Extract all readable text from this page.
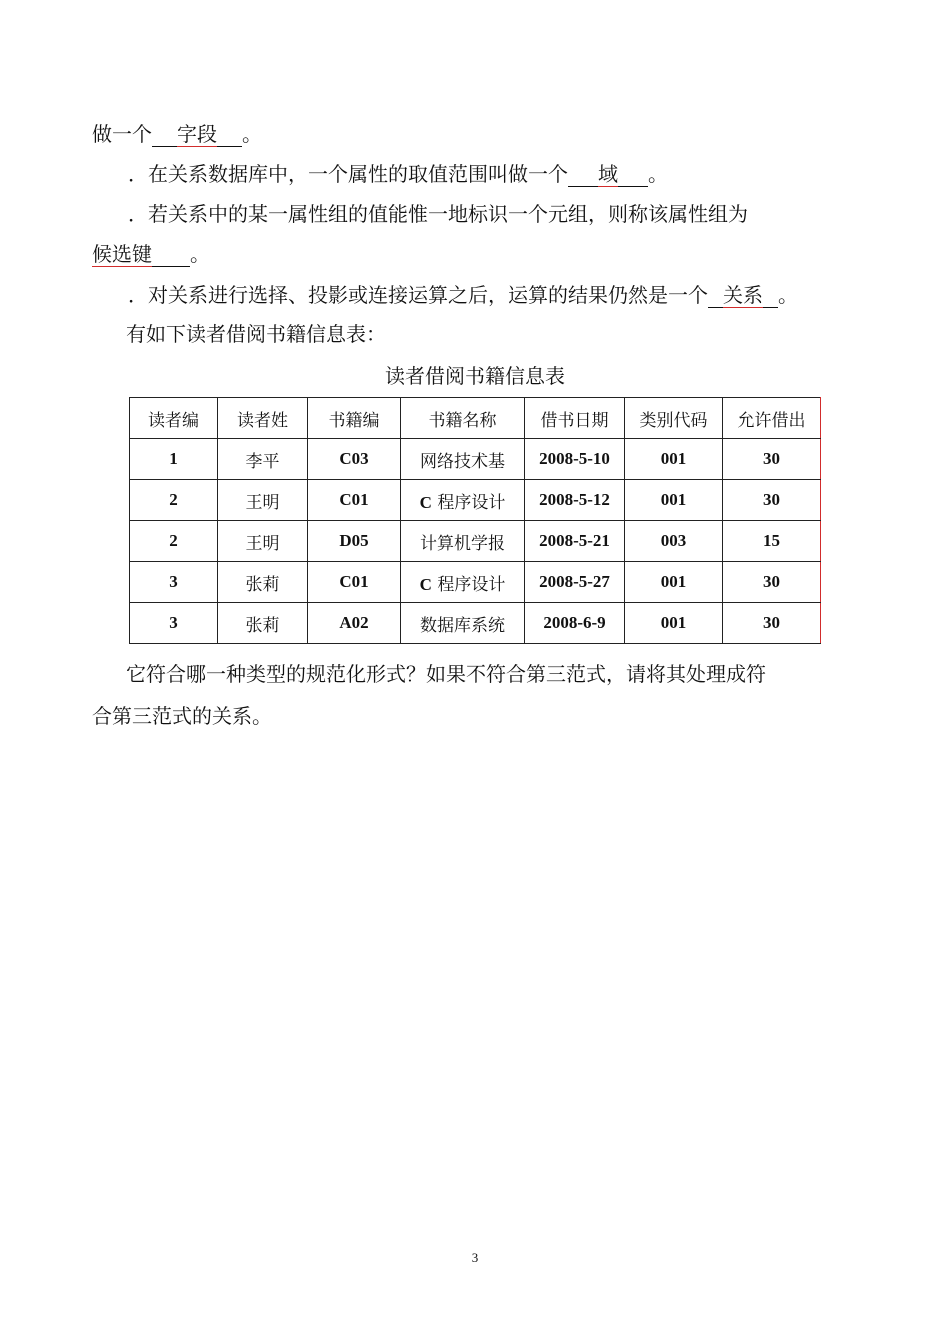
做一个 字段 。
．在关系数据库中，一个属性的取值范围叫做一个 域 。
．若关系中的某一属性组的值能惟一地标识一个元组，则称该属性组为
候选键 。
．对关系进行选择、投影或连接运算之后，运算的结果仍然是一个 关系 。
有如下读者借阅书籍信息表：
读者借阅书籍信息表
读者编	读者姓	书籍编	书籍名称	借书日期	类别代码	允许借出
1	李平	C03	网络技术基	2008-5-10	001	30
2	王明	C01	C 程序设计	2008-5-12	001	30
2	王明	D05	计算机学报	2008-5-21	003	15
3	张莉	C01	C 程序设计	2008-5-27	001	30
3	张莉	A02	数据库系统	2008-6-9	001	30
它符合哪一种类型的规范化形式？如果不符合第三范式，请将其处理成符
合第三范式的关系。
3
